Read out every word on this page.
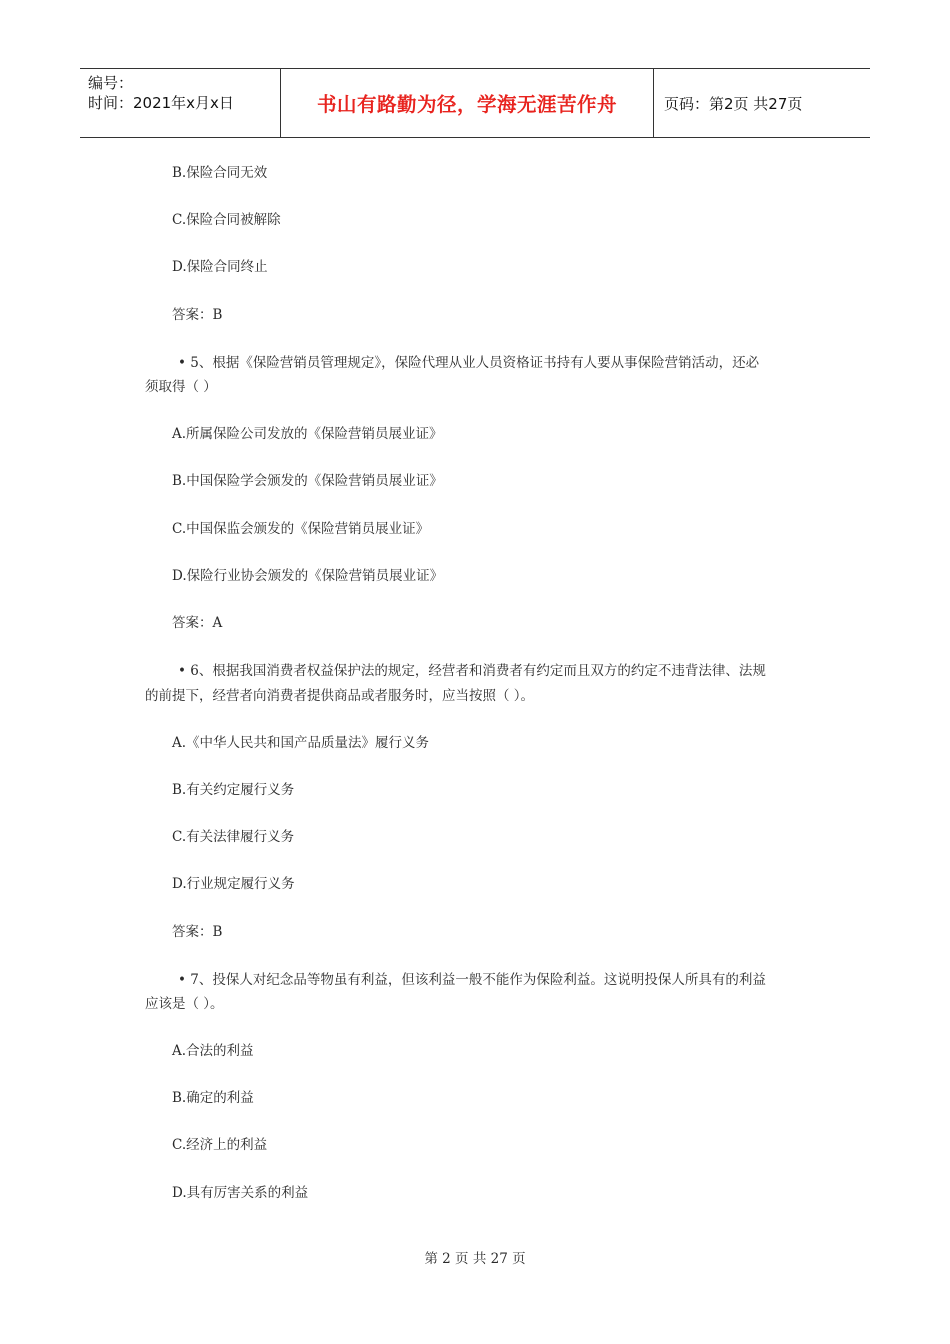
编号：
时间：2021年x月x日	书山有路勤为径，学海无涯苦作舟	页码：第2页 共27页
B.保险合同无效
C.保险合同被解除
D.保险合同终止
答案：B
• 5、根据《保险营销员管理规定》，保险代理从业人员资格证书持有人要从事保险营销活动，还必
须取得（ ）
A.所属保险公司发放的《保险营销员展业证》
B.中国保险学会颁发的《保险营销员展业证》
C.中国保监会颁发的《保险营销员展业证》
D.保险行业协会颁发的《保险营销员展业证》
答案：A
• 6、根据我国消费者权益保护法的规定，经营者和消费者有约定而且双方的约定不违背法律、法规
的前提下，经营者向消费者提供商品或者服务时，应当按照（ ）。
A.《中华人民共和国产品质量法》履行义务
B.有关约定履行义务
C.有关法律履行义务
D.行业规定履行义务
答案：B
• 7、投保人对纪念品等物虽有利益，但该利益一般不能作为保险利益。这说明投保人所具有的利益
应该是（ ）。
A.合法的利益
B.确定的利益
C.经济上的利益
D.具有厉害关系的利益
第 2 页 共 27 页
